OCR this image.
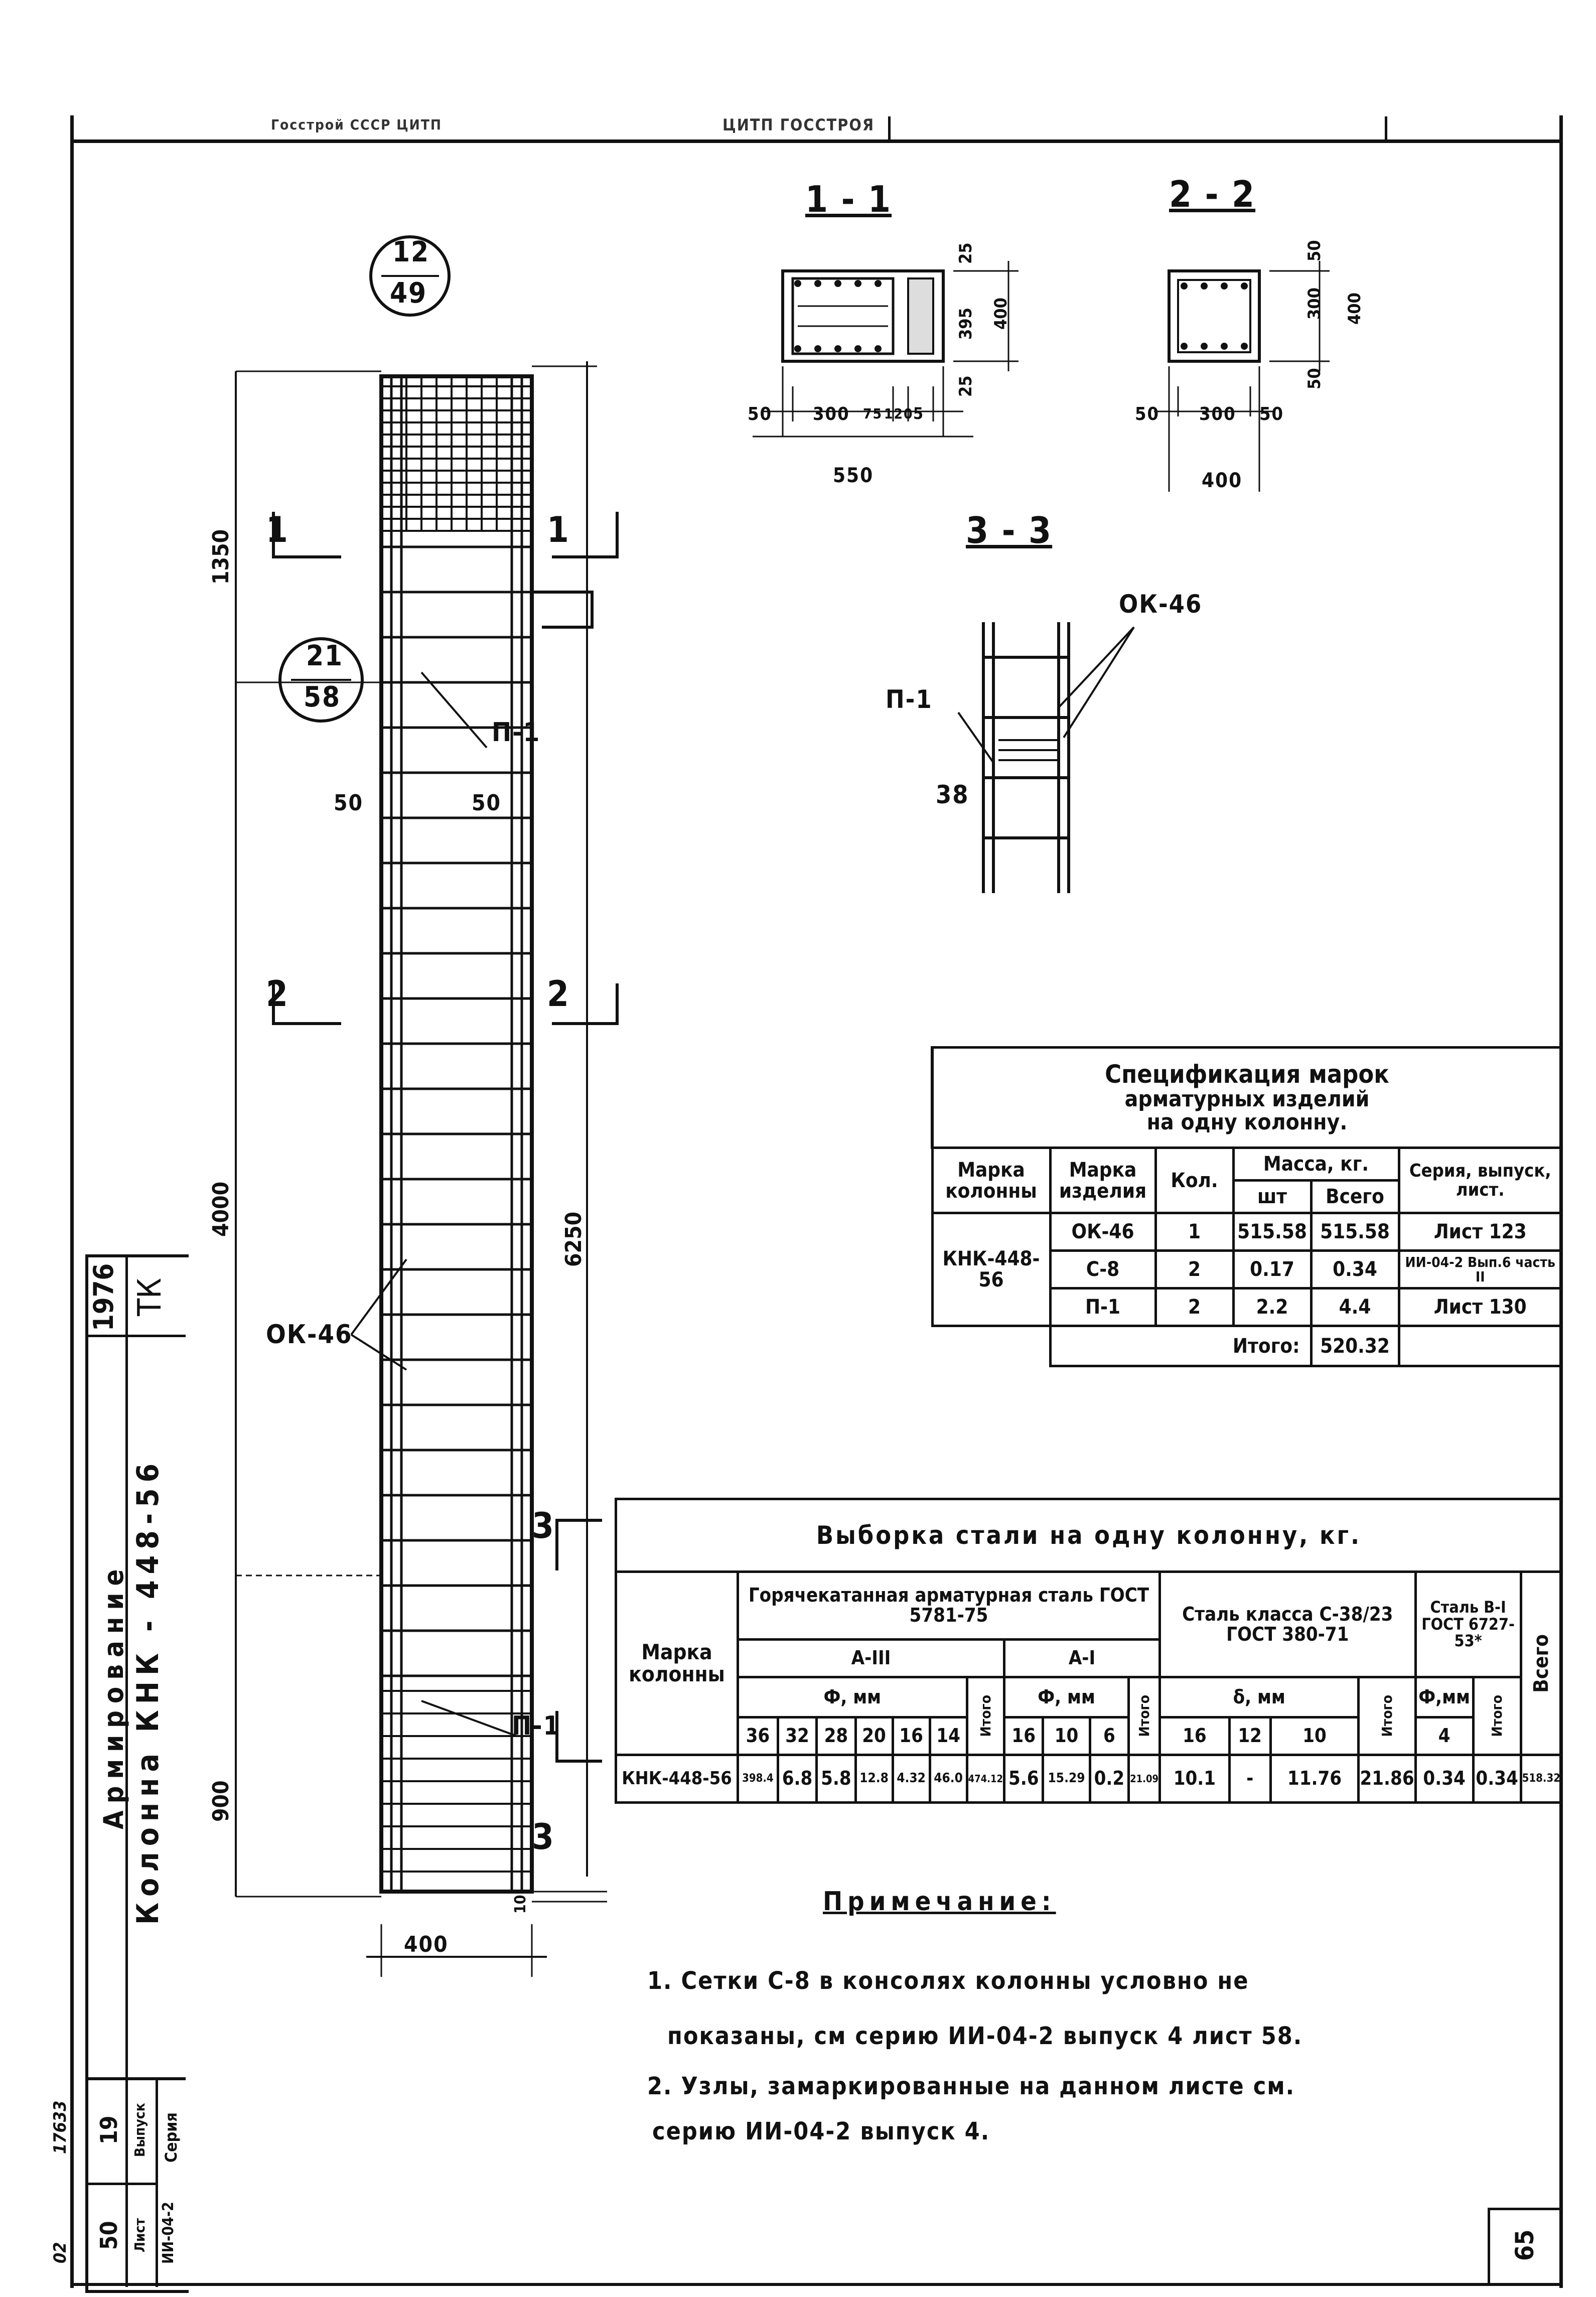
Госстрой СССР ЦИТП	ЦИТП ГОССТРОЯ
1976 ТК
Колонна КНК - 448-56
Армирование
Серия
ИИ-04-2
Выпуск
19
Лист
50
17633
02	65
12
49
21
58
1350
4000
900
6250
400
10
50	50
1	1
2	2
3
3
П-1
П-1
ОК-46
1 - 1
50 300 75 120 5
550
25
395 400
25
2 - 2
50 300 50
400
50
300 400
50
3 - 3
ОК-46
П-1
38
Спецификация марок
арматурных изделий
на одну колонну.					

Марка колонны	Марка изделия	Кол.	Масса, кг.		Серия, выпуск, лист.
			шт	Всего	
КНК-448-56	ОК-46	1	515.58	515.58	Лист 123
	С-8	2	0.17	0.34	ИИ-04-2 Вып.6 часть II
	П-1	2	2.2	4.4	Лист 130
	Итого:			520.32	
Выборка стали на одну колонну, кг.																		
Марка колонны	Горячекатанная арматурная сталь ГОСТ 5781-75											Сталь класса С-38/23 ГОСТ 380-71				Сталь В-I ГОСТ 6727-53*		Всего

	А-III							А-I										
	Ф, мм						Итого	Ф, мм			Итого	δ, мм			Итого	Ф,мм	Итого	

	36	32	28	20	16	14		16	10	6		16	12	10		4		
КНК-448-56	398.4	6.8	5.8	12.8	4.32	46.0	474.12	5.6	15.29	0.2	21.09	10.1	-	11.76	21.86	0.34	0.34	518.32
Примечание:
1. Сетки С-8 в консолях колонны условно не
показаны, см серию ИИ-04-2 выпуск 4 лист 58.
2. Узлы, замаркированные на данном листе см.
серию ИИ-04-2 выпуск 4.
